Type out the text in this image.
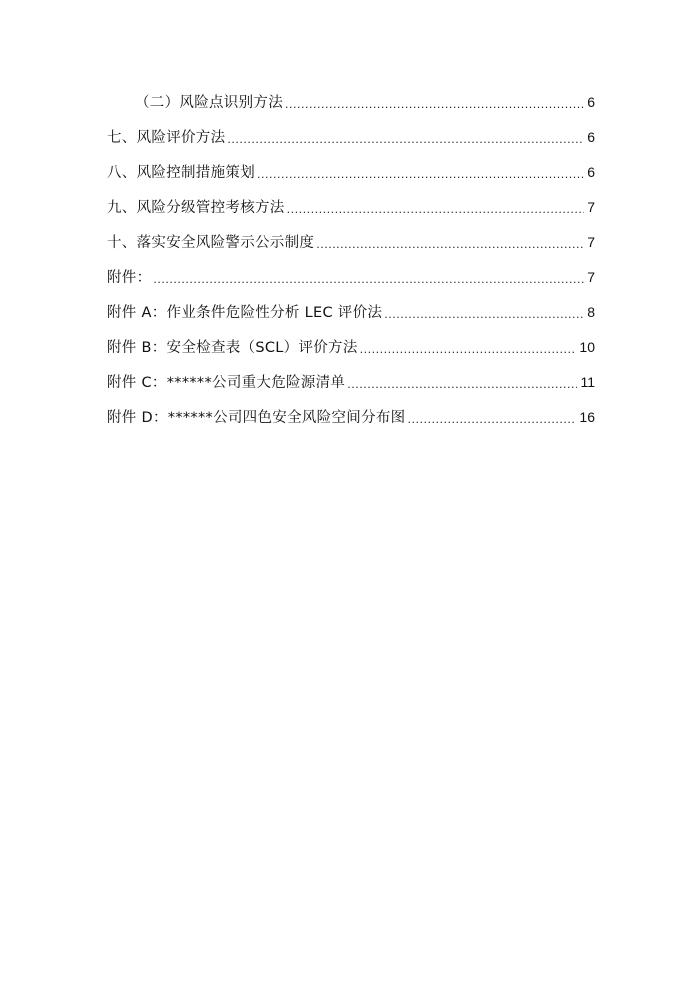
（二）风险点识别方法 .....	6
七、风险评价方法 .....	6
八、风险控制措施策划 .....	6
九、风险分级管控考核方法 .....	7
十、落实安全风险警示公示制度 .....	7
附件： .....	7
附件 A：作业条件危险性分析 LEC 评价法 .....	8
附件 B：安全检查表（SCL）评价方法 .....	10
附件 C：******公司重大危险源清单 .....	11
附件 D：******公司四色安全风险空间分布图 .....	16
